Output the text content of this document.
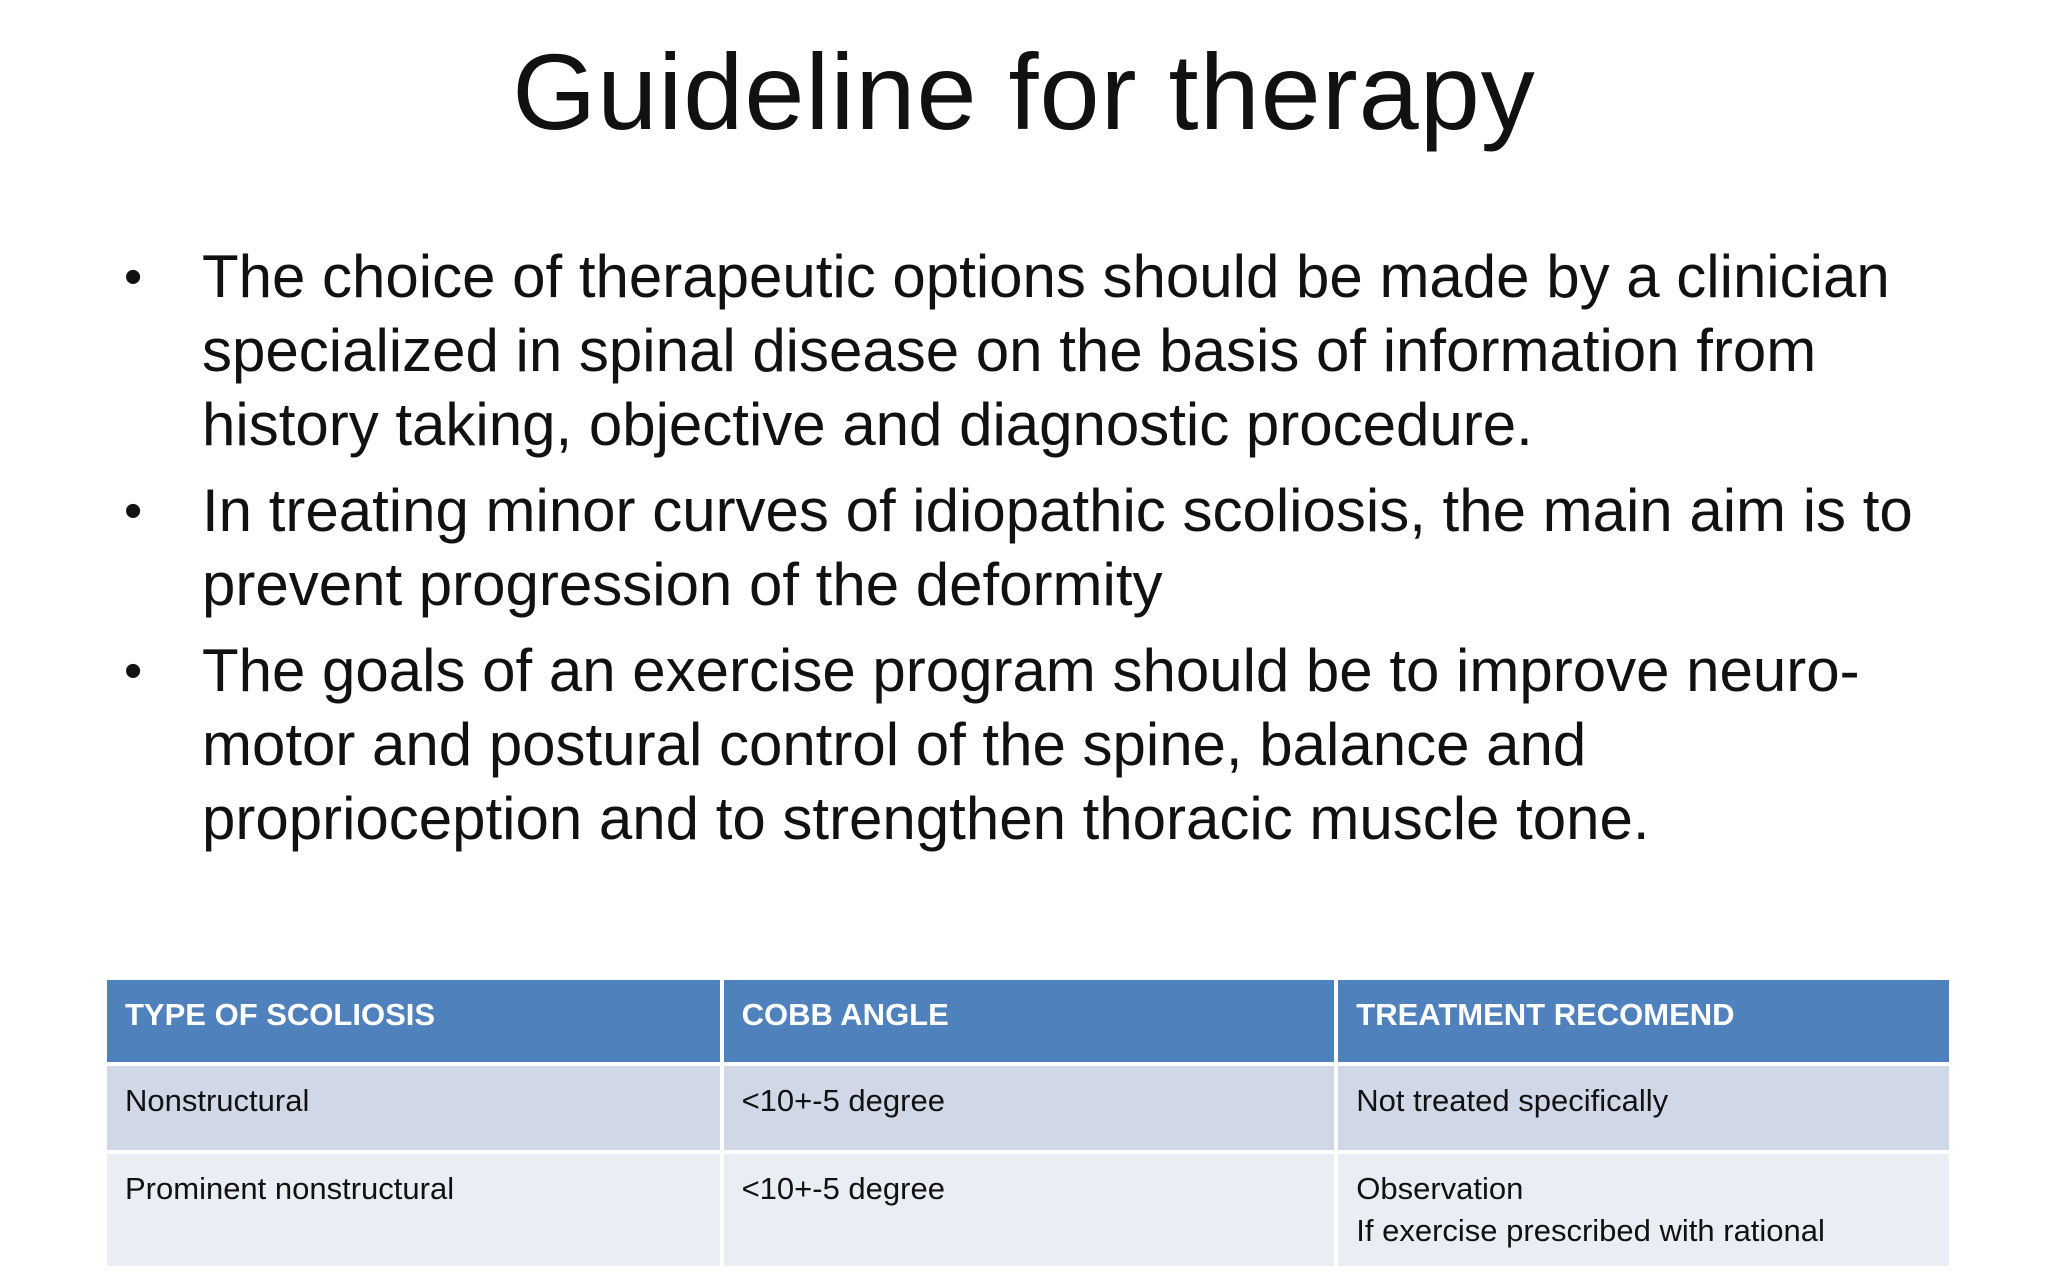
Guideline for therapy
• The choice of therapeutic options should be made by a clinician specialized in spinal disease on the basis of information from history taking, objective and diagnostic procedure.
• In treating minor curves of idiopathic scoliosis, the main aim is to prevent progression of the deformity
• The goals of an exercise program should be to improve neuro-motor and postural control of the spine, balance and proprioception and to strengthen thoracic muscle tone.
TYPE OF SCOLIOSIS	COBB ANGLE	TREATMENT RECOMEND
Nonstructural	<10+-5 degree	Not treated specifically

Prominent nonstructural	<10+-5 degree	Observation
If exercise prescribed with rational
